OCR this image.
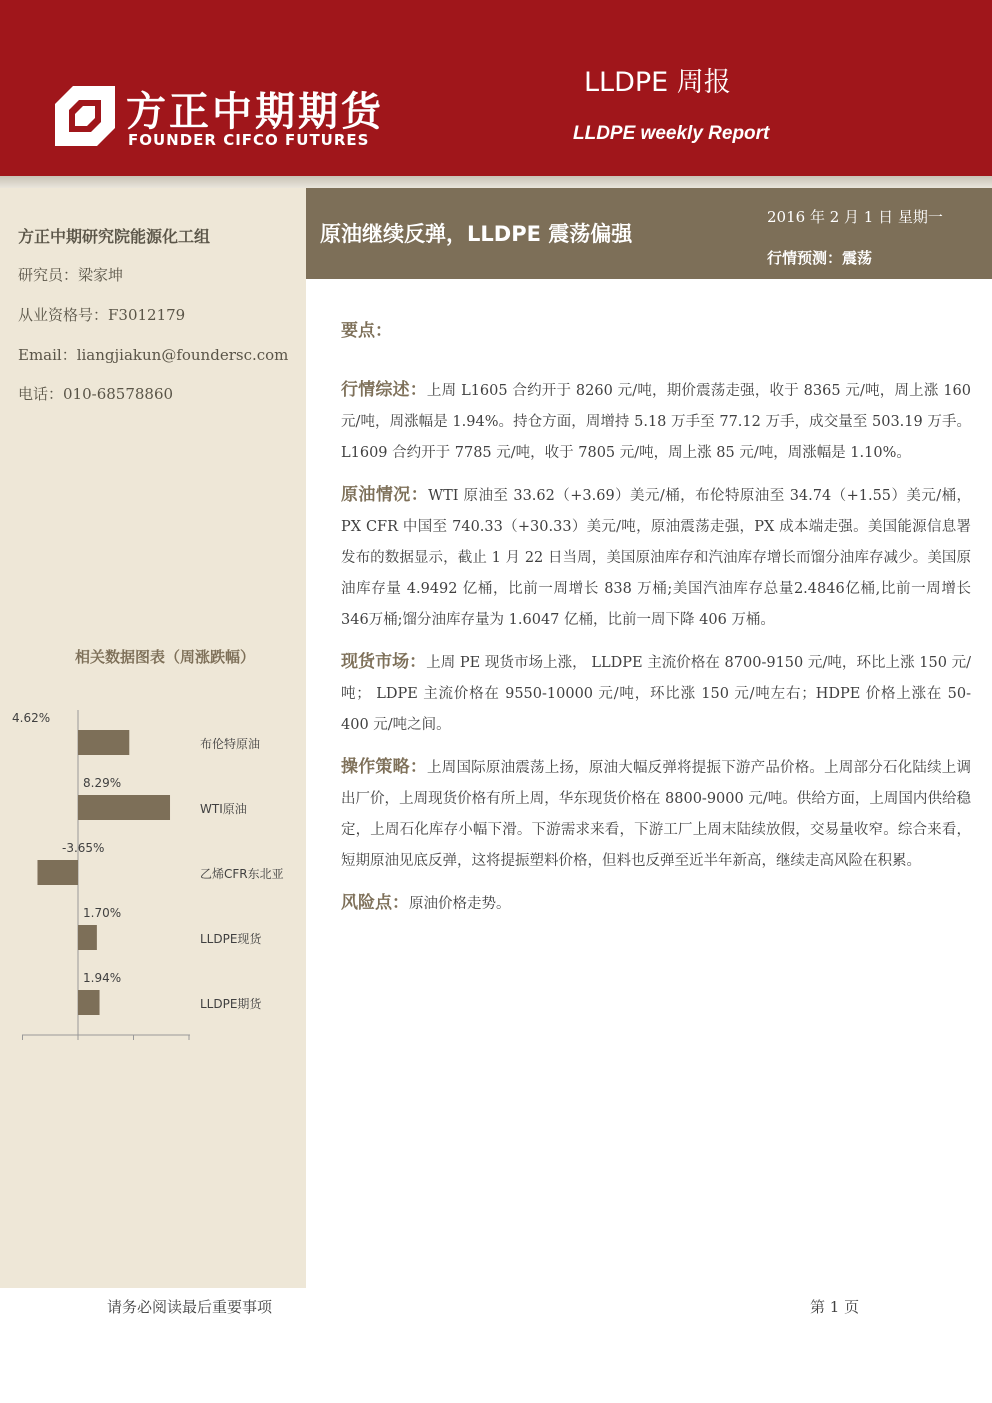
方正中期期货
FOUNDER CIFCO FUTURES
LLDPE 周报
LLDPE weekly Report
方正中期研究院能源化工组
研究员：梁家坤
从业资格号：F3012179
Email：liangjiakun@foundersc.com
电话：010-68578860
原油继续反弹，LLDPE 震荡偏强
2016 年 2 月 1 日 星期一
行情预测：震荡
要点：

行情综述：上周 L1605 合约开于 8260 元/吨，期价震荡走强，收于 8365 元/吨，周上涨 160 元/吨，周涨幅是 1.94%。持仓方面，周增持 5.18 万手至 77.12 万手，成交量至 503.19 万手。 L1609 合约开于 7785 元/吨，收于 7805 元/吨，周上涨 85 元/吨，周涨幅是 1.10%。

原油情况：WTI 原油至 33.62（+3.69）美元/桶，布伦特原油至 34.74（+1.55）美元/桶，PX CFR 中国至 740.33（+30.33）美元/吨，原油震荡走强，PX 成本端走强。美国能源信息署发布的数据显示，截止 1 月 22 日当周，美国原油库存和汽油库存增长而馏分油库存减少。美国原油库存量 4.9492 亿桶，比前一周增长 838 万桶;美国汽油库存总量2.4846亿桶,比前一周增长346万桶;馏分油库存量为 1.6047 亿桶，比前一周下降 406 万桶。

现货市场：上周 PE 现货市场上涨， LLDPE 主流价格在 8700-9150 元/吨，环比上涨 150 元/吨； LDPE 主流价格在 9550-10000 元/吨，环比涨 150 元/吨左右；HDPE 价格上涨在 50-400 元/吨之间。

操作策略：上周国际原油震荡上扬，原油大幅反弹将提振下游产品价格。上周部分石化陆续上调出厂价，上周现货价格有所上周，华东现货价格在 8800-9000 元/吨。供给方面，上周国内供给稳定，上周石化库存小幅下滑。下游需求来看，下游工厂上周末陆续放假，交易量收窄。综合来看，短期原油见底反弹，这将提振塑料价格，但料也反弹至近半年新高，继续走高风险在积累。

风险点：原油价格走势。

相关数据图表（周涨跌幅）
布伦特原油
4.62%
WTI原油
8.29%
乙烯CFR东北亚
-3.65%
LLDPE现货
1.70%
LLDPE期货
1.94%
请务必阅读最后重要事项	第 1 页
